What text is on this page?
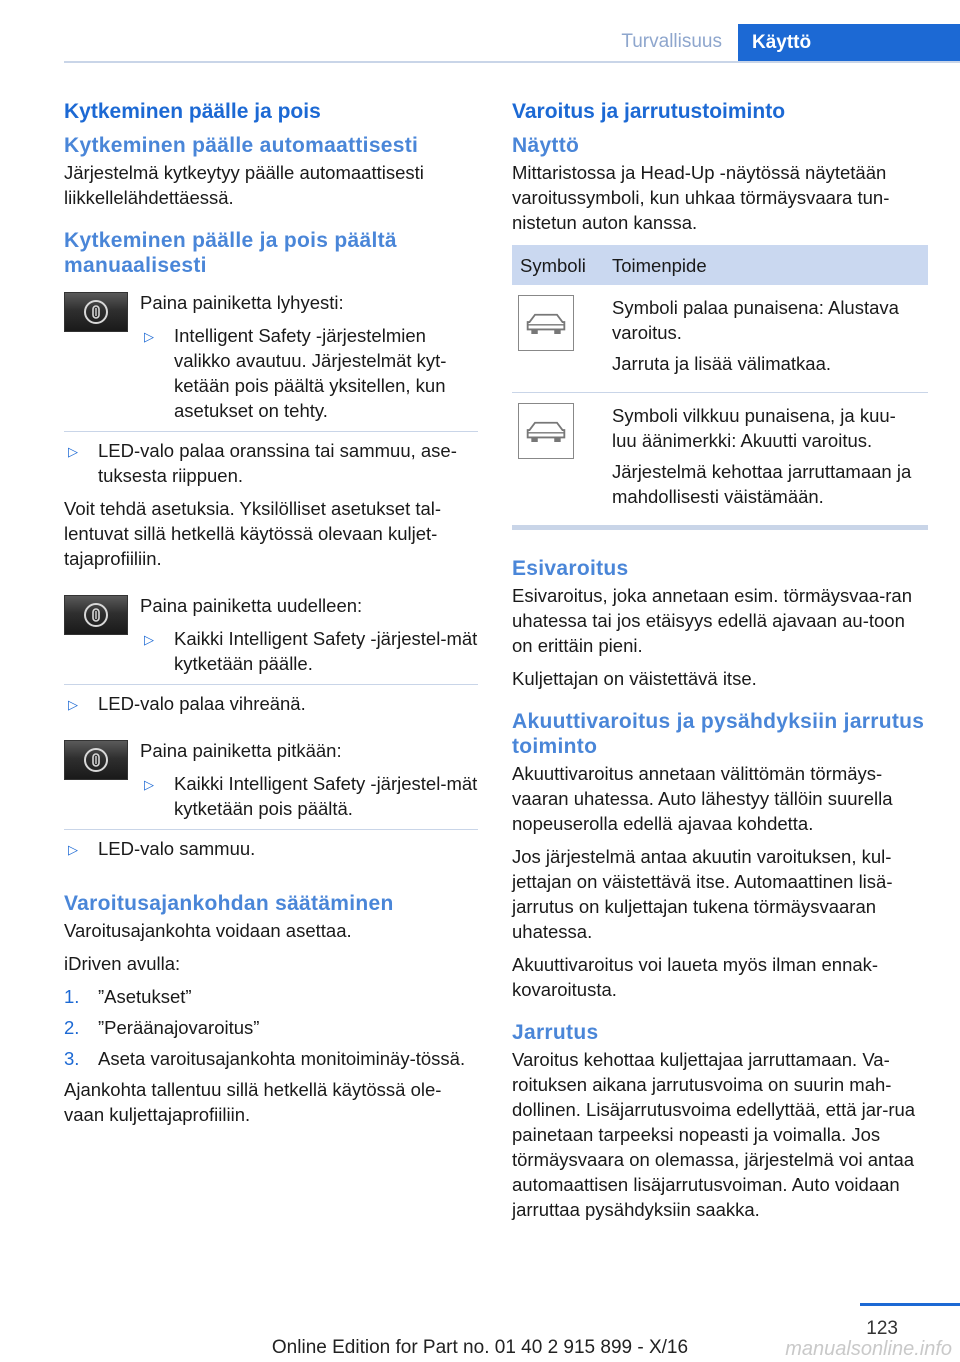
Turvallisuus	Käyttö
Kytkeminen päälle ja pois
Kytkeminen päälle automaattisesti

Järjestelmä kytkeytyy päälle automaattisesti liikkellelähdettäessä.

Kytkeminen päälle ja pois päältä manuaalisesti

Paina painiketta lyhyesti:

▷ Intelligent Safety -järjestelmien valikko avautuu. Järjestelmät kyt-ketään pois päältä yksitellen, kun asetukset on tehty.
▷ LED-valo palaa oranssina tai sammuu, ase-tuksesta riippuen.

Voit tehdä asetuksia. Yksilölliset asetukset tal-lentuvat sillä hetkellä käytössä olevaan kuljet-tajaprofiiliin.

Paina painiketta uudelleen:

▷ Kaikki Intelligent Safety -järjestel-mät kytketään päälle.
▷ LED-valo palaa vihreänä.

Paina painiketta pitkään:

▷ Kaikki Intelligent Safety -järjestel-mät kytketään pois päältä.
▷ LED-valo sammuu.
Varoitusajankohdan säätäminen

Varoitusajankohta voidaan asettaa.

iDriven avulla:

1. ”Asetukset”
2. ”Peräänajovaroitus”
3. Aseta varoitusajankohta monitoiminäy-tössä.

Ajankohta tallentuu sillä hetkellä käytössä ole-vaan kuljettajaprofiiliin.

Varoitus ja jarrutustoiminto
Näyttö

Mittaristossa ja Head-Up -näytössä näytetään varoitussymboli, kun uhkaa törmäysvaara tun-nistetun auton kanssa.

Symboli	Toimenpide

Symboli palaa punaisena: Alustava varoitus.

Jarruta ja lisää välimatkaa.

Symboli vilkkuu punaisena, ja kuu-luu äänimerkki: Akuutti varoitus.

Järjestelmä kehottaa jarruttamaan ja mahdollisesti väistämään.

Esivaroitus

Esivaroitus, joka annetaan esim. törmäysvaa-ran uhatessa tai jos etäisyys edellä ajavaan au-toon on erittäin pieni.

Kuljettajan on väistettävä itse.

Akuuttivaroitus ja pysähdyksiin jarrutus toiminto

Akuuttivaroitus annetaan välittömän törmäys-vaaran uhatessa. Auto lähestyy tällöin suurella nopeuserolla edellä ajavaa kohdetta.

Jos järjestelmä antaa akuutin varoituksen, kul-jettajan on väistettävä itse. Automaattinen lisä-jarrutus on kuljettajan tukena törmäysvaaran uhatessa.

Akuuttivaroitus voi laueta myös ilman ennak-kovaroitusta.

Jarrutus

Varoitus kehottaa kuljettajaa jarruttamaan. Va-roituksen aikana jarrutusvoima on suurin mah-dollinen. Lisäjarrutusvoima edellyttää, että jar-rua painetaan tarpeeksi nopeasti ja voimalla. Jos törmäysvaara on olemassa, järjestelmä voi antaa automaattisen lisäjarrutusvoiman. Auto voidaan jarruttaa pysähdyksiin saakka.

123
Online Edition for Part no. 01 40 2 915 899 - X/16	manualsonline.info
